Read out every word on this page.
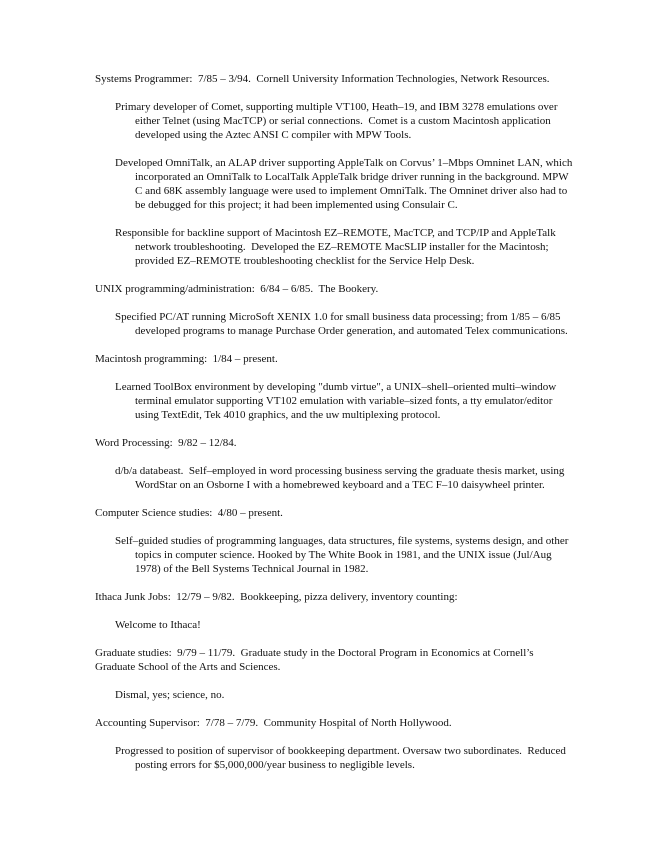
Systems Programmer:  7/85 – 3/94.  Cornell University Information Technologies, Network Resources.

Primary developer of Comet, supporting multiple VT100, Heath–19, and IBM 3278 emulations over either Telnet (using MacTCP) or serial connections.  Comet is a custom Macintosh application developed using the Aztec ANSI C compiler with MPW Tools.

Developed OmniTalk, an ALAP driver supporting AppleTalk on Corvus’ 1–Mbps Omninet LAN, which incorporated an OmniTalk to LocalTalk AppleTalk bridge driver running in the background. MPW C and 68K assembly language were used to implement OmniTalk. The Omninet driver also had to be debugged for this project; it had been implemented using Consulair C.

Responsible for backline support of Macintosh EZ–REMOTE, MacTCP, and TCP/IP and AppleTalk network troubleshooting.  Developed the EZ–REMOTE MacSLIP installer for the Macintosh; provided EZ–REMOTE troubleshooting checklist for the Service Help Desk.

UNIX programming/administration:  6/84 – 6/85.  The Bookery.

Specified PC/AT running MicroSoft XENIX 1.0 for small business data processing; from 1/85 – 6/85 developed programs to manage Purchase Order generation, and automated Telex communications.

Macintosh programming:  1/84 – present.

Learned ToolBox environment by developing "dumb virtue", a UNIX–shell–oriented multi–window terminal emulator supporting VT102 emulation with variable–sized fonts, a tty emulator/editor using TextEdit, Tek 4010 graphics, and the uw multiplexing protocol.

Word Processing:  9/82 – 12/84.

d/b/a databeast.  Self–employed in word processing business serving the graduate thesis market, using WordStar on an Osborne I with a homebrewed keyboard and a TEC F–10 daisywheel printer.

Computer Science studies:  4/80 – present.

Self–guided studies of programming languages, data structures, file systems, systems design, and other topics in computer science. Hooked by The White Book in 1981, and the UNIX issue (Jul/Aug 1978) of the Bell Systems Technical Journal in 1982.

Ithaca Junk Jobs:  12/79 – 9/82.  Bookkeeping, pizza delivery, inventory counting:

Welcome to Ithaca!

Graduate studies:  9/79 – 11/79.  Graduate study in the Doctoral Program in Economics at Cornell’s Graduate School of the Arts and Sciences.

Dismal, yes; science, no.

Accounting Supervisor:  7/78 – 7/79.  Community Hospital of North Hollywood.

Progressed to position of supervisor of bookkeeping department. Oversaw two subordinates.  Reduced posting errors for $5,000,000/year business to negligible levels.
